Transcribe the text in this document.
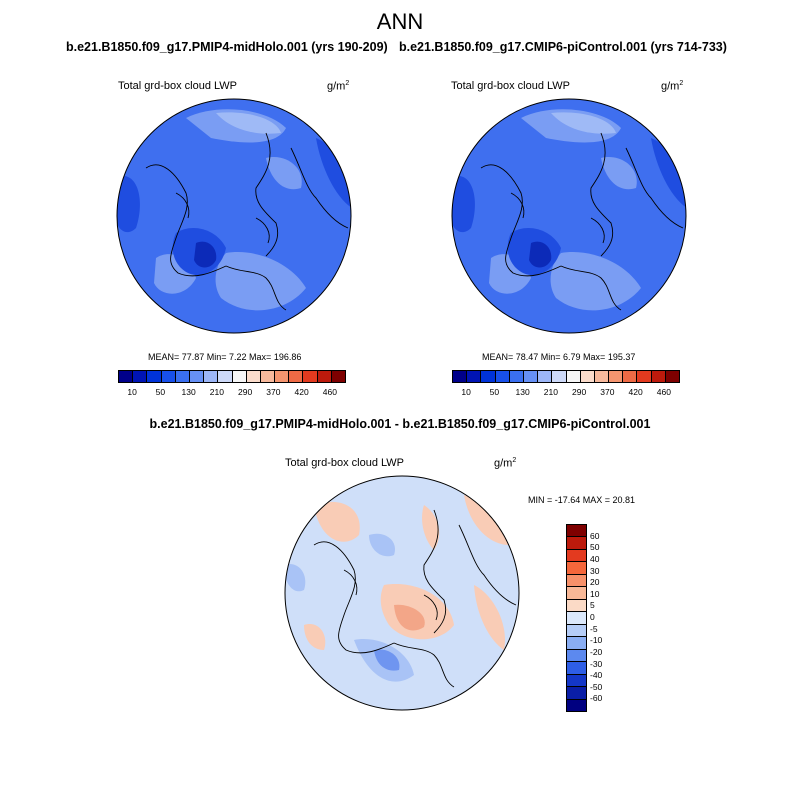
ANN
b.e21.B1850.f09_g17.PMIP4-midHolo.001 (yrs 190-209) b.e21.B1850.f09_g17.CMIP6-piControl.001 (yrs 714-733)
Total grd-box cloud LWP	$g/m^2$
MEAN= 77.87 Min= 7.22 Max= 196.86
10 50 130 210 290 370 420 460
Total grd-box cloud LWP	$g/m^2$
MEAN= 78.47 Min= 6.79 Max= 195.37
10 50 130 210 290 370 420 460
b.e21.B1850.f09_g17.PMIP4-midHolo.001 - b.e21.B1850.f09_g17.CMIP6-piControl.001
Total grd-box cloud LWP	$g/m^2$
MIN = -17.64 MAX = 20.81
60
50
40
30
20
10
5
0
-5
-10
-20
-30
-40
-50
-60
